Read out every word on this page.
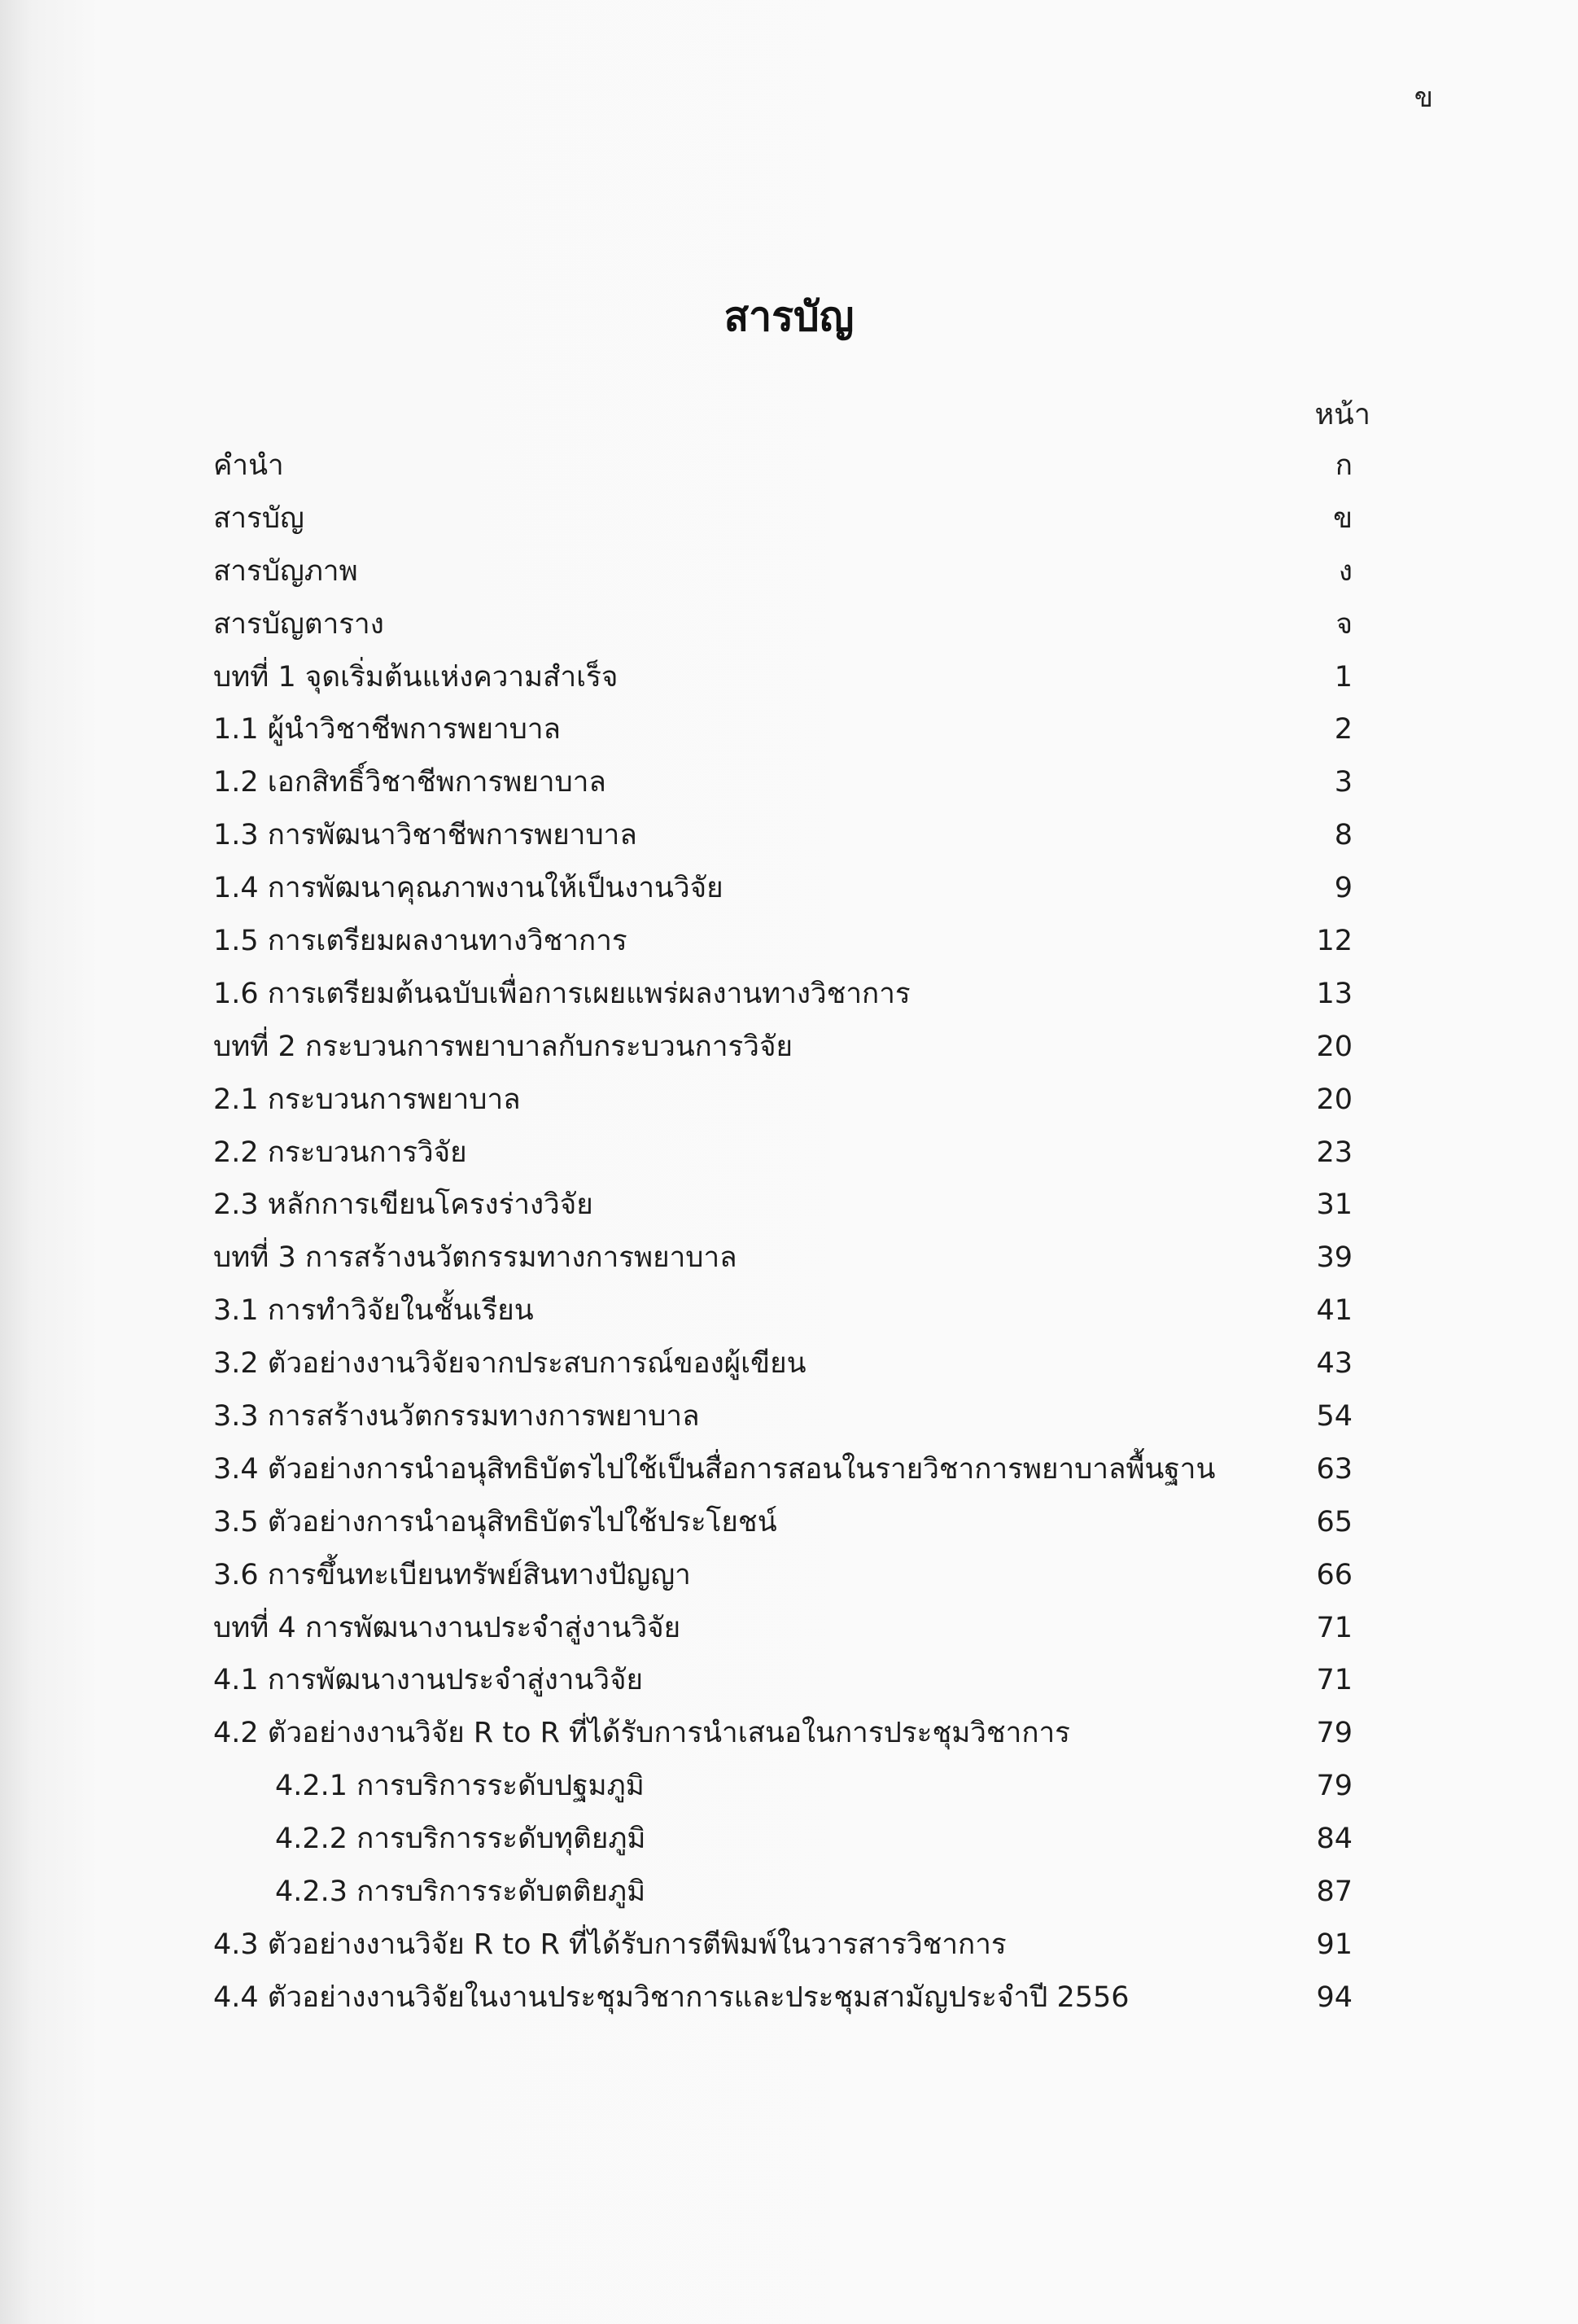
ข
สารบัญ
หน้า
คำนำ	ก
สารบัญ	ข
สารบัญภาพ	ง
สารบัญตาราง	จ
บทที่ 1 จุดเริ่มต้นแห่งความสำเร็จ	1
1.1 ผู้นำวิชาชีพการพยาบาล	2
1.2 เอกสิทธิ์วิชาชีพการพยาบาล	3
1.3 การพัฒนาวิชาชีพการพยาบาล	8
1.4 การพัฒนาคุณภาพงานให้เป็นงานวิจัย	9
1.5 การเตรียมผลงานทางวิชาการ	12
1.6 การเตรียมต้นฉบับเพื่อการเผยแพร่ผลงานทางวิชาการ	13
บทที่ 2 กระบวนการพยาบาลกับกระบวนการวิจัย	20
2.1 กระบวนการพยาบาล	20
2.2 กระบวนการวิจัย	23
2.3 หลักการเขียนโครงร่างวิจัย	31
บทที่ 3 การสร้างนวัตกรรมทางการพยาบาล	39
3.1 การทำวิจัยในชั้นเรียน	41
3.2 ตัวอย่างงานวิจัยจากประสบการณ์ของผู้เขียน	43
3.3 การสร้างนวัตกรรมทางการพยาบาล	54
3.4 ตัวอย่างการนำอนุสิทธิบัตรไปใช้เป็นสื่อการสอนในรายวิชาการพยาบาลพื้นฐาน	63
3.5 ตัวอย่างการนำอนุสิทธิบัตรไปใช้ประโยชน์	65
3.6 การขึ้นทะเบียนทรัพย์สินทางปัญญา	66
บทที่ 4 การพัฒนางานประจำสู่งานวิจัย	71
4.1 การพัฒนางานประจำสู่งานวิจัย	71
4.2 ตัวอย่างงานวิจัย R to R ที่ได้รับการนำเสนอในการประชุมวิชาการ	79
4.2.1 การบริการระดับปฐมภูมิ	79
4.2.2 การบริการระดับทุติยภูมิ	84
4.2.3 การบริการระดับตติยภูมิ	87
4.3 ตัวอย่างงานวิจัย R to R ที่ได้รับการตีพิมพ์ในวารสารวิชาการ	91
4.4 ตัวอย่างงานวิจัยในงานประชุมวิชาการและประชุมสามัญประจำปี 2556	94
